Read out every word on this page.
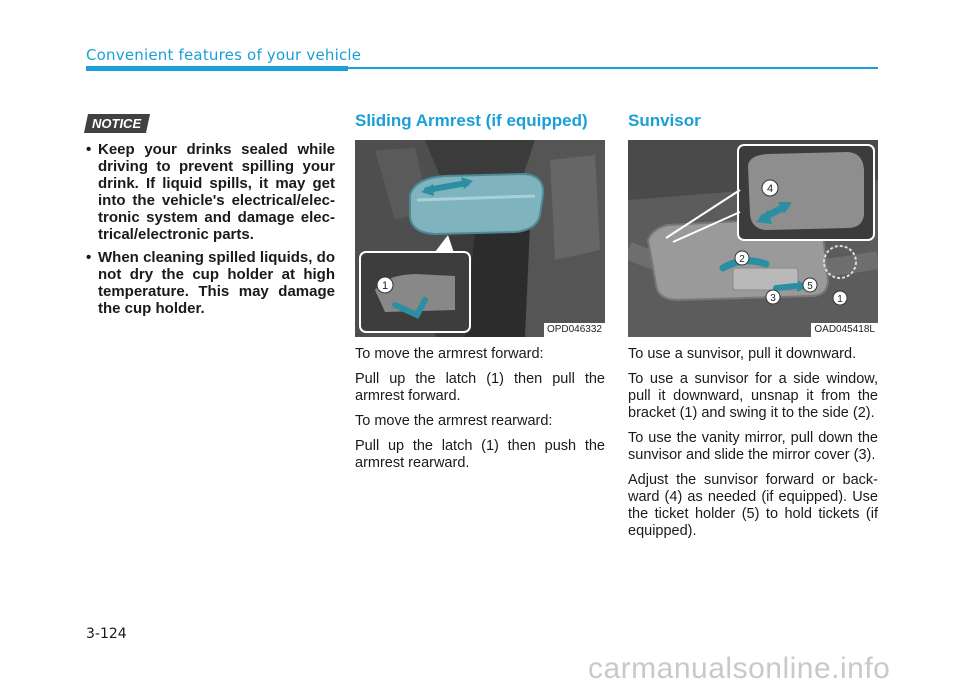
Convenient features of your vehicle
NOTICE
• Keep your drinks sealed while driving to prevent spilling your drink. If liquid spills, it may get into the vehicle's electrical/elec-tronic system and damage elec-trical/electronic parts.
• When cleaning spilled liquids, do not dry the cup holder at high temperature. This may damage the cup holder.
Sliding Armrest (if equipped)
1
OPD046332

To move the armrest forward:

Pull up the latch (1) then pull the armrest forward.

To move the armrest rearward:

Pull up the latch (1) then push the armrest rearward.

Sunvisor
1
2
3
4
5
OAD045418L

To use a sunvisor, pull it downward.

To use a sunvisor for a side window, pull it downward, unsnap it from the bracket (1) and swing it to the side (2).

To use the vanity mirror, pull down the sunvisor and slide the mirror cover (3).

Adjust the sunvisor forward or back-ward (4) as needed (if equipped). Use the ticket holder (5) to hold tickets (if equipped).

3-124
carmanualsonline.info
